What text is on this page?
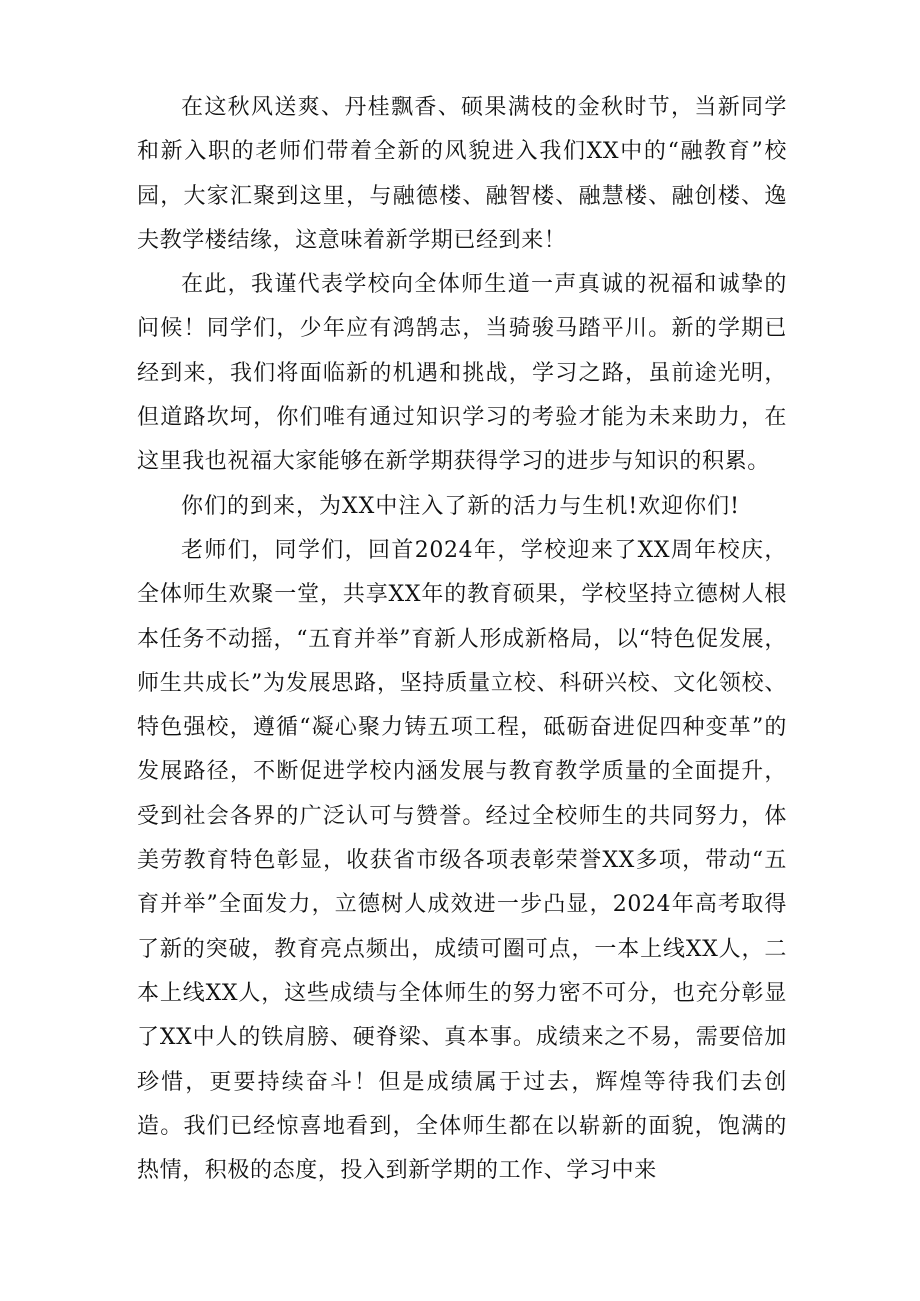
在这秋风送爽、丹桂飘香、硕果满枝的金秋时节，当新同学和新入职的老师们带着全新的风貌进入我们XX中的“融教育”校园，大家汇聚到这里，与融德楼、融智楼、融慧楼、融创楼、逸夫教学楼结缘，这意味着新学期已经到来！

在此，我谨代表学校向全体师生道一声真诚的祝福和诚挚的问候！同学们，少年应有鸿鹄志，当骑骏马踏平川。新的学期已经到来，我们将面临新的机遇和挑战，学习之路，虽前途光明，但道路坎坷，你们唯有通过知识学习的考验才能为未来助力，在这里我也祝福大家能够在新学期获得学习的进步与知识的积累。

你们的到来，为XX中注入了新的活力与生机!欢迎你们!

老师们，同学们，回首2024年，学校迎来了XX周年校庆，全体师生欢聚一堂，共享XX年的教育硕果，学校坚持立德树人根本任务不动摇，“五育并举”育新人形成新格局，以“特色促发展，师生共成长”为发展思路，坚持质量立校、科研兴校、文化领校、特色强校，遵循“凝心聚力铸五项工程，砥砺奋进促四种变革”的发展路径，不断促进学校内涵发展与教育教学质量的全面提升，受到社会各界的广泛认可与赞誉。经过全校师生的共同努力，体美劳教育特色彰显，收获省市级各项表彰荣誉XX多项，带动“五育并举”全面发力，立德树人成效进一步凸显，2024年高考取得了新的突破，教育亮点频出，成绩可圈可点，一本上线XX人，二本上线XX人，这些成绩与全体师生的努力密不可分，也充分彰显了XX中人的铁肩膀、硬脊梁、真本事。成绩来之不易，需要倍加珍惜，更要持续奋斗！但是成绩属于过去，辉煌等待我们去创造。我们已经惊喜地看到，全体师生都在以崭新的面貌，饱满的热情，积极的态度，投入到新学期的工作、学习中来
